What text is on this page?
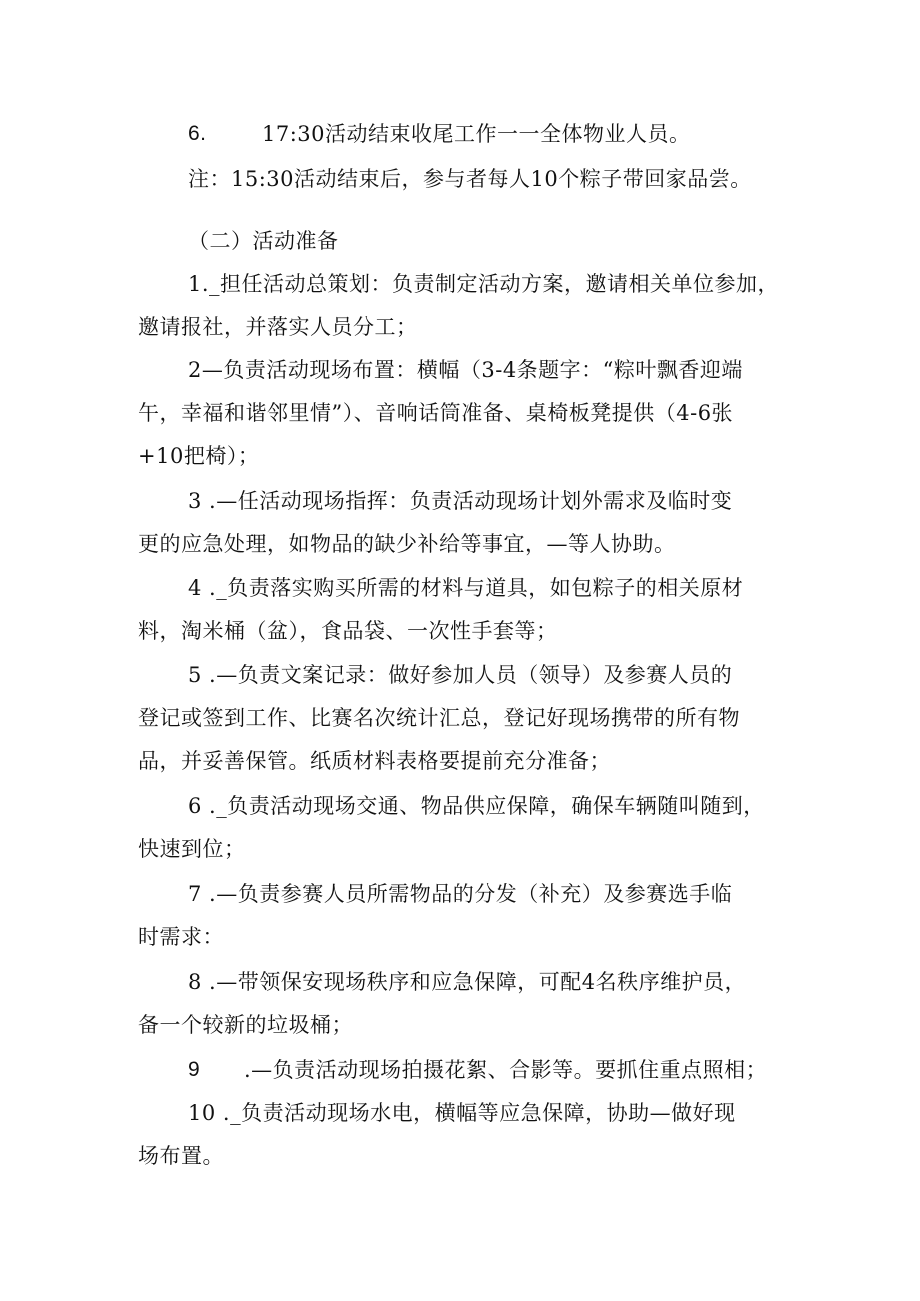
6.	17:30活动结束收尾工作一一全体物业人员。
注：15:30活动结束后，参与者每人10个粽子带回家品尝。
（二）活动准备
1._担任活动总策划：负责制定活动方案，邀请相关单位参加，
邀请报社，并落实人员分工；
2—负责活动现场布置：横幅（3-4条题字：“粽叶飘香迎端
午，幸福和谐邻里情”）、音响话筒准备、桌椅板凳提供（4-6张
+10把椅）；
3 .—任活动现场指挥：负责活动现场计划外需求及临时变
更的应急处理，如物品的缺少补给等事宜，—等人协助。
4 ._负责落实购买所需的材料与道具，如包粽子的相关原材
料，淘米桶（盆），食品袋、一次性手套等；
5 .—负责文案记录：做好参加人员（领导）及参赛人员的
登记或签到工作、比赛名次统计汇总，登记好现场携带的所有物
品，并妥善保管。纸质材料表格要提前充分准备；
6 ._负责活动现场交通、物品供应保障，确保车辆随叫随到，
快速到位；
7 .—负责参赛人员所需物品的分发（补充）及参赛选手临
时需求：
8 .—带领保安现场秩序和应急保障，可配4名秩序维护员，
备一个较新的垃圾桶；
9 .—负责活动现场拍摄花絮、合影等。要抓住重点照相；
10 ._负责活动现场水电，横幅等应急保障，协助—做好现
场布置。
